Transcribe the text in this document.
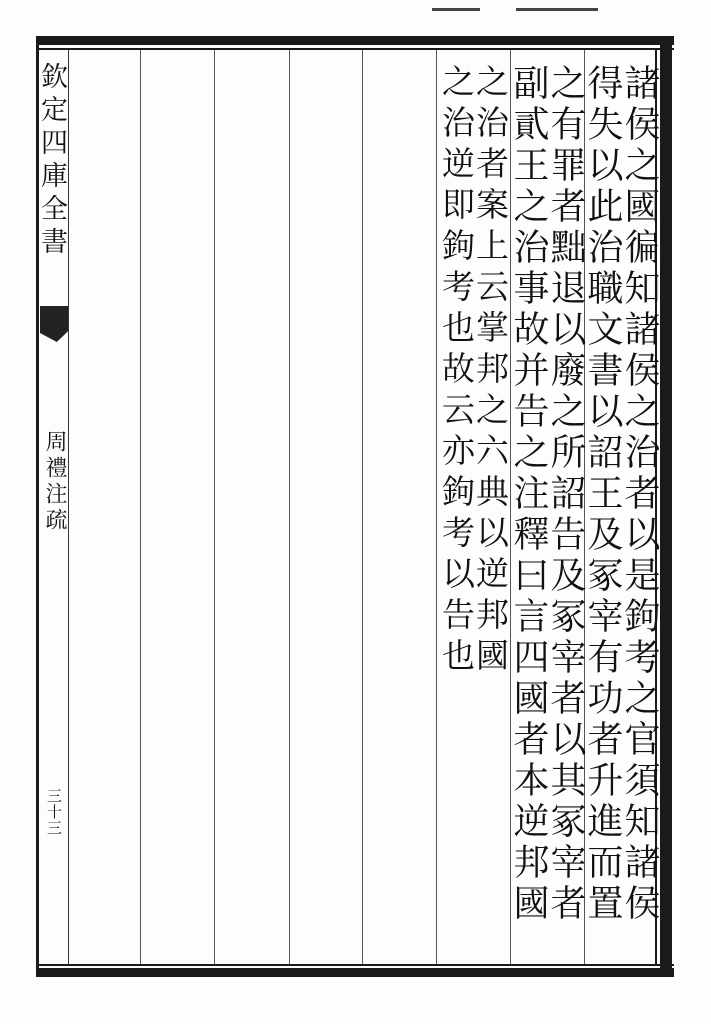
欽定四庫全書
周禮注疏
三十三	諸侯之國徧知諸侯之治者以是鉤考之官須知諸侯
得失以此治職文書以詔王及冢宰有功者升進而置
之有罪者黜退以廢之所詔告及冢宰者以其冢宰者
副貳王之治事故并告之注釋曰言四國者本逆邦國
之治者案上云掌邦之六典以逆邦國
之治逆即鉤考也故云亦鉤考以告也
